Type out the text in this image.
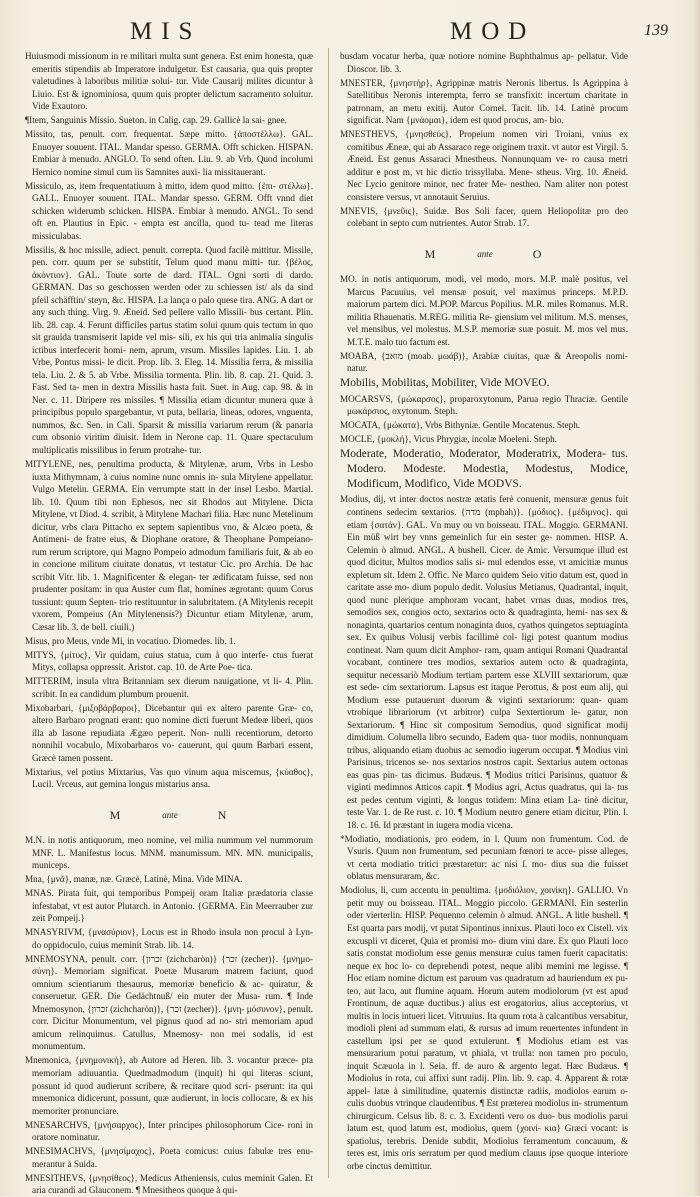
MIS	MOD	139

Huiusmodi missionum in re militari multa sunt genera. Est enim honesta, quæ emeritis stipendiis ab Imperatore indulgetur. Est causaria, qua quis propter valetudines à laboribus militiæ solui- tur. Vide Causarij milites dicuntur à Liuio. Est & ignominiosa, quum quis propter delictum sacramento soluitur. Vide Exautoro.

¶Item, Sanguinis Missio. Sueton. in Calig. cap. 29. Gallicè la sai- gnee.

Missito, tas, penult. corr. frequentat. Sæpe mitto. {ἀποστέλλω}. GAL. Enuoyer souuent. ITAL. Mandar spesso. GERMA. Offt schicken. HISPAN. Embiar à menudo. ANGLO. To send often. Liu. 9. ab Vrb. Quod incolumi Hernico nomine simul cum iis Samnites auxi- lia missitauerant.

Missiculo, as, item frequentatiuum à mitto, idem quod mitto. {ἐπι- στέλλω}. GALL. Enuoyer souuent. ITAL. Mandar spesso. GERM. Offt vnnd diet schicken widerumb schicken. HISPA. Embiar à menudo. ANGL. To send oft en. Plautius in Epic. - empta est ancilla, quod tu- tead me literas missiculabas.

Missilis, & hoc missile, adiect. penult. correpta. Quod facilè mittitur. Missile, pen. corr. quum per se substitit, Telum quod manu mitti- tur. {βέλος, ἀκόντιον}. GAL. Toute sorte de dard. ITAL. Ogni sorti di dardo. GERMAN. Das so geschossen werden oder zu schiessen ist/ als da sind pfeil schäfftin/ steyn, &c. HISPA. La lança o palo quese tira. ANG. A dart or any such thing. Virg. 9. Æneid. Sed pellere vallo Missili- bus certant. Plin. lib. 28. cap. 4. Ferunt difficiles partus statim solui quum quis tectum in quo sit grauida transmiserit lapide vel mis- sili, ex his qui tria animalia singulis ictibus interfecerit homi- nem, aprum, vrsum. Missiles lapides. Liu. 1. ab Vrbe, Pontus missi- le dicit. Prop. lib. 3. Eleg. 14. Missilia ferra, & missilia tela. Liu. 2. & 5. ab Vrbe. Missilia tormenta. Plin. lib. 8. cap. 21. Quid. 3. Fast. Sed ta- men in dextra Missilis hasta fuit. Suet. in Aug. cap. 98. & in Ner. c. 11. Diripere res missiles. ¶ Missilia etiam dicuntur munera quæ à principibus populo spargebantur, vt puta, bellaria, lineas, odores, vnguenta, nummos, &c. Sen. in Cali. Sparsit & missilia variarum rerum (& panaria cum obsonio viritim diuisit. Idem in Nerone cap. 11. Quare spectaculum multiplicatis missilibus in ferum protrahe- tur.

MITYLENE, nes, penultima producta, & Mitylenæ, arum, Vrbs in Lesbo iuxta Mithymnam, à cuius nomine nunc omnis in- sula Mitylene appellatur. Vulgo Metelin. GERMA. Ein verrumpte statt in der insel Lesbo. Martial. lib. 10. Quum tibi non Ephesos, nec sit Rhodos aut Mitylene. Dicta Mitylene, vt Diod. 4. scribit, à Mitylene Machari filia. Hæc nunc Metelinum dicitur, vrbs clara Pittacho ex septem sapientibus vno, & Alcæo poeta, & Antimeni- de fratre eius, & Diophane oratore, & Theophane Pompeiano- rum rerum scriptore, qui Magno Pompeio admodum familiaris fuit, & ab eo in concione militum ciuitate donatus, vt testatur Cic. pro Archia. De hac scribit Vitr. lib. 1. Magnificenter & elegan- ter ædificatam fuisse, sed non prudenter positam: in qua Auster cum flat, homines ægrotant: quum Corus tussiunt: quum Septen- trio restituuntur in salubritatem. (A Mitylenis recepit vxorem, Pompeius (An Mitylenensis?) Dicuntur etiam Mitylenæ, arum, Cæsar lib. 3. de bell. ciuili.)

Misus, pro Meus, vnde Mi, in vocatiuo. Diomedes. lib. 1.

MITYS, {μίτυς}, Vir quidam, cuius statua, cum à quo interfe- ctus fuerat Mitys, collapsa oppressit. Aristot. cap. 10. de Arte Poe- tica.

MITTERIM, insula vltra Britanniam sex dierum nauigatione, vt li- 4. Plin. scribit. In ea candidum plumbum prouenit.

Mixobarbari, {μιξοβάρβαροι}, Dicebantur qui ex altero parente Græ- co, altero Barbaro prognati erant: quo nomine dicti fuerunt Medeæ liberi, quos illa ab Iasone repudiata Ægæo peperit. Non- nulli recentiorum, detorto nonnihil vocabulo, Mixobarbaros vo- cauerunt, qui quum Barbari essent, Græcè tamen possent.

Mixtarius, vel potius Mixtarius, Vas quo vinum aqua miscemus, {κύαθος}, Lucil. Vrceus, aut gemina longus mistarius ansa.

M	ante	N

M.N. in notis antiquorum, meo nomine, vel milia nummum vel nummorum MNF. L. Manifestus locus. MNM. manumissum. MN. MN. municipalis, municeps.

Mna, {μνᾶ}, manæ, næ. Græcè, Latinè, Mina. Vide MINA.

MNAS. Pirata fuit, qui temporibus Pompeij oram Italiæ prædatoria classe infestabat, vt est autor Plutarch. in Antonio. {GERMA. Ein Meerrauber zur zeit Pompeij.}

MNASYRIVM, {μνασύριον}, Locus est in Rhodo insula non procul à Lyn- do oppidoculo, cuius meminit Strab. lib. 14.

MNEMOSYNA, penult. corr. {זכרון (zichcharòn)} {זכר (zecher)}. {μνημο- σύνη}. Memoriam significat. Poetæ Musarum matrem faciunt, quod omnium scientiarum thesaurus, memoriæ beneficio & ac- quiratur, & conseruetur. GER. Die Gedächtnuß/ ein muter der Musa- rum. ¶ Inde Mnemosynon, {זכרון (zichcharòn)}, {זכר (zecher)}. {μνη- μόσυνον}, penult. corr. Dicitur Monumentum, vel pignus quod ad no- stri memoriam apud amicum relinquimus. Catullus, Mnemosy- non mei sodalis, id est monumentum.

Mnemonica, {μνημονική}, ab Autore ad Heren. lib. 3. vocantur præce- pta memoriam adiuuantia. Quedmadmodum (inquit) hi qui literas sciunt, possunt id quod audierunt scribere, & recitare quod scri- pserunt: ita qui mnemonica didicerunt, possunt, quæ audierunt, in locis collocare, & ex his memoriter pronunciare.

MNESARCHVS, {μνήσαρχος}, Inter principes philosophorum Cice- roni in oratore nominatur.

MNESIMACHVS, {μνησίμαχος}, Poeta comicus: cuius fabulæ tres enu- merantur à Suida.

MNESITHEVS, {μνησίθεος}, Medicus Atheniensis, cuius meminit Galen. Et aria curandi ad Glauconem. ¶ Mnesitheos quoque à qui-

busdam vocatur herba, quæ notiore nomine Buphthalmus ap- pellatur. Vide Dioscor. lib. 3.

MNESTER, {μνηστήρ}, Agrippinæ matris Neronis libertus. Is Agrippina à Satellitibus Neronis interempta, ferro se transfixit: incertum charitate in patronam, an metu exitij. Autor Cornel. Tacit. lib. 14. Latinè procum significat. Nam {μνάομαι}, idem est quod procus, am- bio.

MNESTHEVS, {μνησθεύς}, Propeium nomen viri Troiani, vnius ex comitibus Æneæ, qui ab Assaraco rege originem traxit. vt autor est Virgil. 5. Æneid. Est genus Assaraci Mnestheus. Nonnunquam ve- ro causa metri additur e post m, vt hic dictio trissyllaba. Mene- stheus. Virg. 10. Æneid. Nec Lycio genitore minor, nec frater Me- nestheo. Nam aliter non potest consistere versus, vt annotauit Seruius.

MNEVIS, {μνεῦις}, Suidæ. Bos Soli facer, quem Heliopolitæ pro deo colebant in septo cum nutrientes. Autor Strab. 17.

M	ante	O

MO. in notis antiquorum, modi, vel modo, mors. M.P. malè positus, vel Marcus Pacuuius, vel mensæ posuit, vel maximus princeps. M.P.D. maiorum partem dici. M.POP. Marcus Popilius. M.R. miles Romanus. M.R. militia Rhauenatis. M.REG. militia Re- giensium vel militum. M.S. menses, vel mensibus, vel molestus. M.S.P. memoriæ suæ posuit. M. mos vel mus. M.T.E. malo tuo factum est.

MOABA, {מואב (moab. μωάβ)}, Arabiæ ciuitas, quæ & Areopolis nomi- natur.

Mobilis, Mobilitas, Mobiliter, Vide MOVEO.

MOCARSVS, {μώκαρσος}, proparoxytonum, Parua regio Thraciæ. Gentile μωκάρσιος, oxytonum. Steph.

MOCATA, {μώκατα}, Vrbs Bithyniæ. Gentile Mocatenus. Steph.

MOCLE, {μοκλή}, Vicus Phrygiæ, incolæ Moeleni. Steph.

Moderate, Moderatio, Moderator, Moderatrix, Modera- tus. Modero. Modeste. Modestia, Modestus, Modice, Modificum, Modifico, Vide MODVS.

Modius, dij, vt inter doctos nostræ ætatis ferè conuenit, mensuræ genus fuit continens sedecim sextarios. {מדה (mphah)}. {μόδιος}. {μέδιμνος}. qui etiam {σατάν}. GAL. Vn muy ou vn boisseau. ITAL. Moggio. GERMANI. Ein müß wirt bey vnns gemeinlich fur ein sester ge- nommen. HISP. A. Celemin ò almud. ANGL. A bushell. Cicer. de Amic. Versumque illud est quod dicitur, Multos modios salis si- mul edendos esse, vt amicitiæ munus expletum sit. Idem 2. Offic. Ne Marco quidem Seio vitio datum est, quod in caritate asse mo- dium populo dedit. Volusius Metianus, Quadrantal, inquit, quod nunc plerique amphoram vocant, habet vrnas duas, modios tres, semodios sex, congios octo, sextarios octo & quadraginta, hemi- nas sex & nonaginta, quartarios centum nonaginta duos, cyathos quingetos septuaginta sex. Ex quibus Volusij verbis facillimè col- ligi potest quantum modius contineat. Nam quum dicit Amphor- ram, quam antiqui Romani Quadrantal vocabant, continere tres modios, sextarios autem octo & quadraginta, sequitur necessariò Modium tertiam partem esse XLVIII sextariorum, quæ est sede- cim sextariorum. Lapsus est itaque Perottus, & post eum alij, qui Modium esse putauerunt duorum & viginti sextariorum: quan- quam vtrobique librariorum (vt arbitror) culpa Sextertiorum le- gatur, non Sextariorum. ¶ Hinc sit compositum Semodius, quod significat modij dimidium. Columella libro secundo, Eadem qua- tuor modiis, nonnunquam tribus, aliquando etiam duobus ac semodio iugerum occupat. ¶ Modius vini Parisinus, tricenos se- nos sextarios nostros capit. Sextarius autem octonas eas quas pin- tas dicimus. Budæus. ¶ Modius tritici Parisinus, quatuor & viginti medimnos Atticos capit. ¶ Modius agri, Actus quadratus, qui la- tus est pedes centum viginti, & longus totidem: Mina etiam La- tinè dicitur, teste Var. 1. de Re rust. c. 10. ¶ Modium neutro genere etiam dicitur, Plin. l. 18. c. 16. Id præstant in iugera modia vicena.

*Modiatio, modiationis, pro eodem, in l. Quum non frumentum. Cod. de Vsuris. Quum non frumentum, sed pecuniam fœnori te acce- pisse alleges, vt certa modiatio tritici præstaretur: ac nisi ſ. mo- dius sua die fuisset oblatus mensuraram, &c.

Modiolus, li, cum accentu in penultima. {μοδιόλιον, χοινίκη}. GALLIO. Vn petit muy ou boisseau. ITAL. Moggio piccolo. GERMANI. Ein sesterlin oder vierterlin. HISP. Pequenno celemin ò almud. ANGL. A litle bushell. ¶ Est quarta pars modij, vt putat Sipontinus innixus. Plauti loco ex Cistell. vix excuspli vt diceret, Quia et promisi mo- dium vini dare. Ex quo Plauti loco satis constat modiolum esse genus mensuræ cuius tamen fuerit capacitatis: neque ex hoc lo- co deprehendi potest, neque alibi memini me legisse. ¶ Hoc etiam nomine dictum est paruum vas quadratum ad hauriendum ex pu- teo, aut lacu, aut flumine aquam. Horum autem modiolorum (vt est apud Frontinum, de aquæ ductibus.) alius est erogatorius, alius acceptorius, vt multis in locis intueri licet. Vitruuius. Ita quum rota à calcantibus versabitur, modioli pleni ad summum elati, & rursus ad imum reuertentes infundent in castellum ipsi per se quod extulerunt. ¶ Modiolus etiam est vas mensurarium potui paratum, vt phiala, vt trulla: non tamen pro poculo, inquit Scæuola in l. Seia. ff. de auro & argento legat. Hæc Budæus. ¶ Modiolus in rota, cui affixi sunt radij. Plin. lib. 9. cap. 4. Apparent & rotæ appel- latæ à similitudine, quaternis distinctæ radiis, modiolos earum o- culis duobus vtrinque claudentibus. ¶ Est præterea modiolus in- strumentum chirurgicum. Celsus lib. 8. c. 3. Excidenti vero os duo- bus modiolis parui latum est, quod latum est, modiolus, quem {χοινί- κια} Græci vocant: is spatiolus, terebris. Denide subdit, Modiolus ferramentum concauum, & teres est, imis oris serratum per quod medium clauus ipse quoque interiore orbe cinctus demittitur.
